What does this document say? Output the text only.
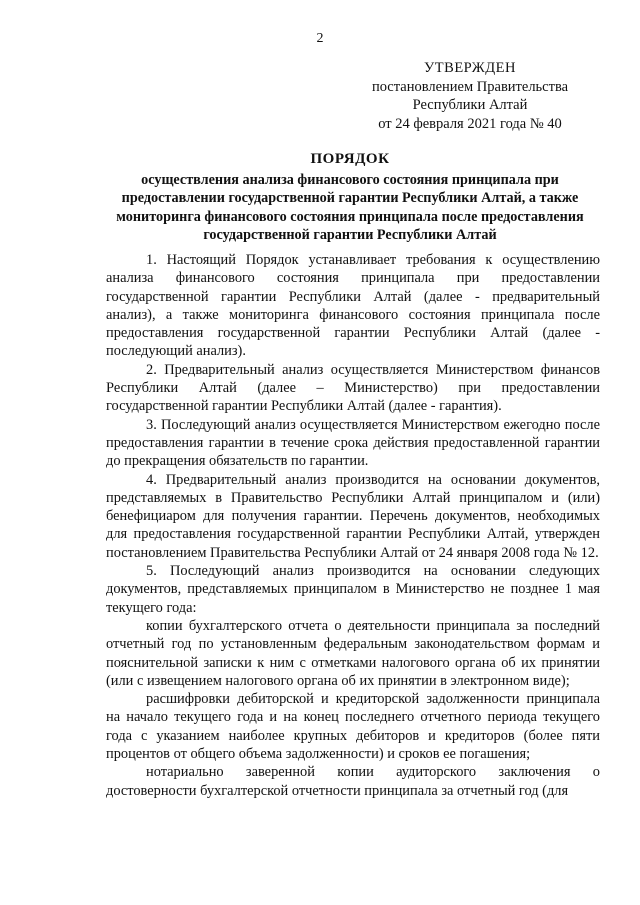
2
УТВЕРЖДЕН
постановлением Правительства
Республики Алтай
от 24 февраля 2021 года № 40
ПОРЯДОК
осуществления анализа финансового состояния принципала при предоставлении государственной гарантии Республики Алтай, а также мониторинга финансового состояния принципала после предоставления государственной гарантии Республики Алтай

1. Настоящий Порядок устанавливает требования к осуществлению анализа финансового состояния принципала при предоставлении государственной гарантии Республики Алтай (далее - предварительный анализ), а также мониторинга финансового состояния принципала после предоставления государственной гарантии Республики Алтай (далее - последующий анализ).

2. Предварительный анализ осуществляется Министерством финансов Республики Алтай (далее – Министерство) при предоставлении государственной гарантии Республики Алтай (далее - гарантия).

3. Последующий анализ осуществляется Министерством ежегодно после предоставления гарантии в течение срока действия предоставленной гарантии до прекращения обязательств по гарантии.

4. Предварительный анализ производится на основании документов, представляемых в Правительство Республики Алтай принципалом и (или) бенефициаром для получения гарантии. Перечень документов, необходимых для предоставления государственной гарантии Республики Алтай, утвержден постановлением Правительства Республики Алтай от 24 января 2008 года № 12.

5. Последующий анализ производится на основании следующих документов, представляемых принципалом в Министерство не позднее 1 мая текущего года:

копии бухгалтерского отчета о деятельности принципала за последний отчетный год по установленным федеральным законодательством формам и пояснительной записки к ним с отметками налогового органа об их принятии (или с извещением налогового органа об их принятии в электронном виде);

расшифровки дебиторской и кредиторской задолженности принципала на начало текущего года и на конец последнего отчетного периода текущего года с указанием наиболее крупных дебиторов и кредиторов (более пяти процентов от общего объема задолженности) и сроков ее погашения;

нотариально заверенной копии аудиторского заключения о достоверности бухгалтерской отчетности принципала за отчетный год (для
